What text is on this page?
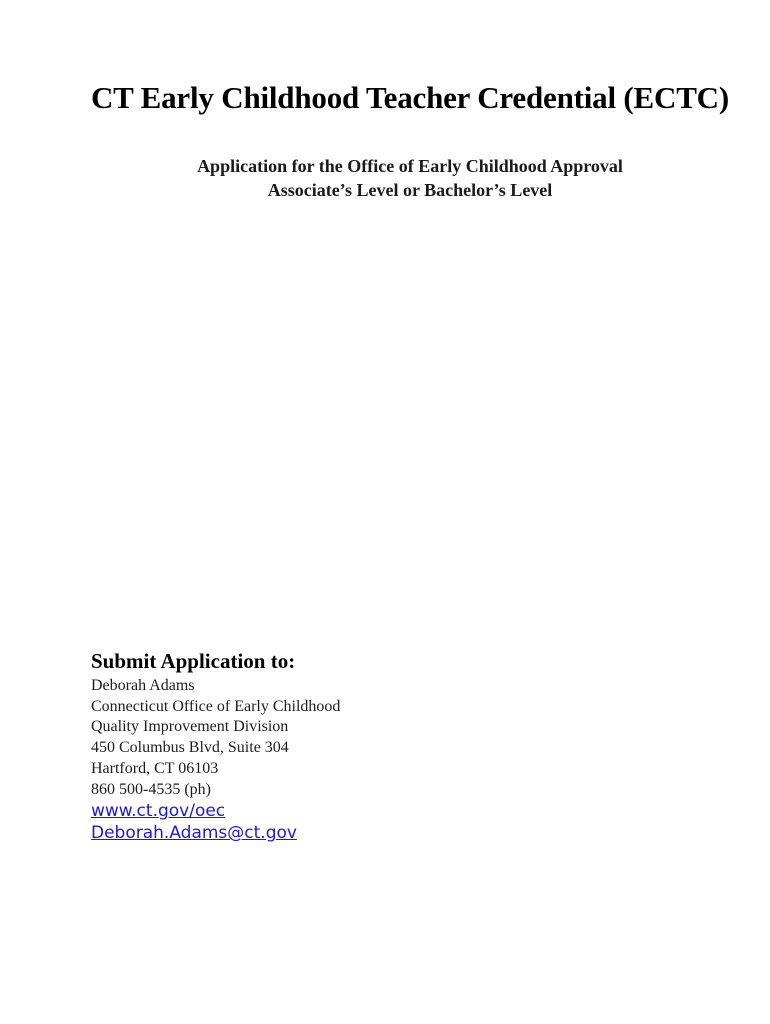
CT Early Childhood Teacher Credential (ECTC)
Application for the Office of Early Childhood Approval
Associate’s Level or Bachelor’s Level
Submit Application to:
Deborah Adams
Connecticut Office of Early Childhood
Quality Improvement Division
450 Columbus Blvd, Suite 304
Hartford, CT 06103
860 500-4535 (ph)
www.ct.gov/oec
Deborah.Adams@ct.gov
